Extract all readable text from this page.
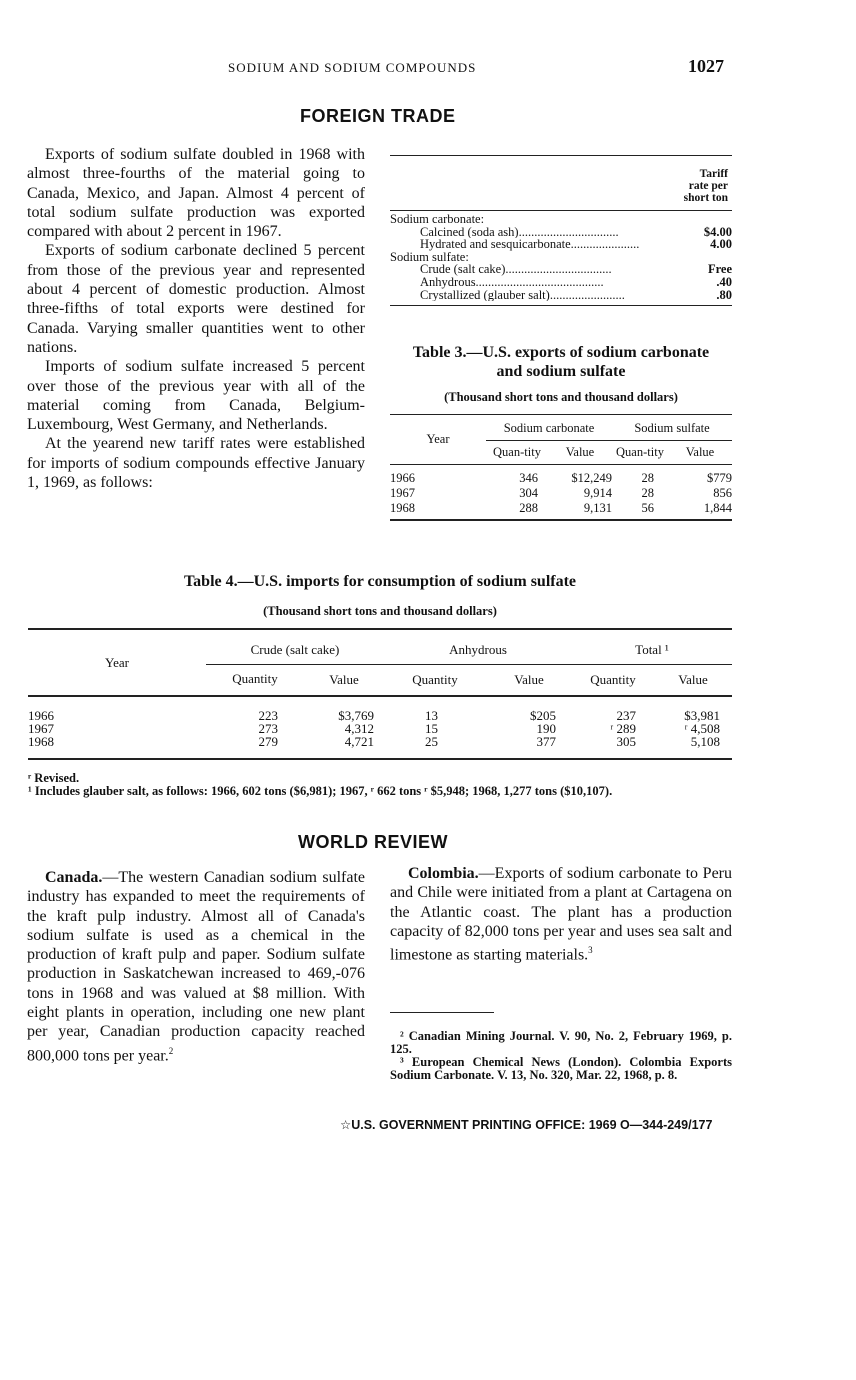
SODIUM AND SODIUM COMPOUNDS	1027
FOREIGN TRADE

Exports of sodium sulfate doubled in 1968 with almost three-fourths of the material going to Canada, Mexico, and Japan. Almost 4 percent of total sodium sulfate production was exported compared with about 2 percent in 1967.

Exports of sodium carbonate declined 5 percent from those of the previous year and represented about 4 percent of domestic production. Almost three-fifths of total exports were destined for Canada. Varying smaller quantities went to other nations.

Imports of sodium sulfate increased 5 percent over those of the previous year with all of the material coming from Canada, Belgium-Luxembourg, West Germany, and Netherlands.

At the yearend new tariff rates were established for imports of sodium compounds effective January 1, 1969, as follows:

Tariff
rate per
short ton
Sodium carbonate:
Calcined (soda ash)................................	$4.00
Hydrated and sesquicarbonate......................	4.00
Sodium sulfate:
Crude (salt cake)..................................	Free
Anhydrous.........................................	.40
Crystallized (glauber salt)........................	.80
Table 3.—U.S. exports of sodium carbonate
and sodium sulfate
(Thousand short tons and thousand dollars)
Year	Sodium carbonate		Sodium sulfate	
	Quan-tity	Value	Quan-tity	Value

1966	346	$12,249	28	$779
1967	304	9,914	28	856
1968	288	9,131	56	1,844
Table 4.—U.S. imports for consumption of sodium sulfate
(Thousand short tons and thousand dollars)
Year	Crude (salt cake)		Anhydrous		Total ¹	
	Quantity	Value	Quantity	Value	Quantity	Value

1966	223	$3,769	13	$205	237	$3,981
1967	273	4,312	15	190	ʳ 289	ʳ 4,508
1968	279	4,721	25	377	305	5,108
ʳ Revised.
¹ Includes glauber salt, as follows: 1966, 602 tons ($6,981); 1967, ʳ 662 tons ʳ $5,948; 1968, 1,277 tons ($10,107).
WORLD REVIEW

Canada.—The western Canadian sodium sulfate industry has expanded to meet the requirements of the kraft pulp industry. Almost all of Canada's sodium sulfate is used as a chemical in the production of kraft pulp and paper. Sodium sulfate production in Saskatchewan increased to 469,-076 tons in 1968 and was valued at $8 million. With eight plants in operation, including one new plant per year, Canadian production capacity reached 800,000 tons per year.$^2$

Colombia.—Exports of sodium carbonate to Peru and Chile were initiated from a plant at Cartagena on the Atlantic coast. The plant has a production capacity of 82,000 tons per year and uses sea salt and limestone as starting materials.$^3$

² Canadian Mining Journal. V. 90, No. 2, February 1969, p. 125.

³ European Chemical News (London). Colombia Exports Sodium Carbonate. V. 13, No. 320, Mar. 22, 1968, p. 8.

☆U.S. GOVERNMENT PRINTING OFFICE: 1969 O—344-249/177
